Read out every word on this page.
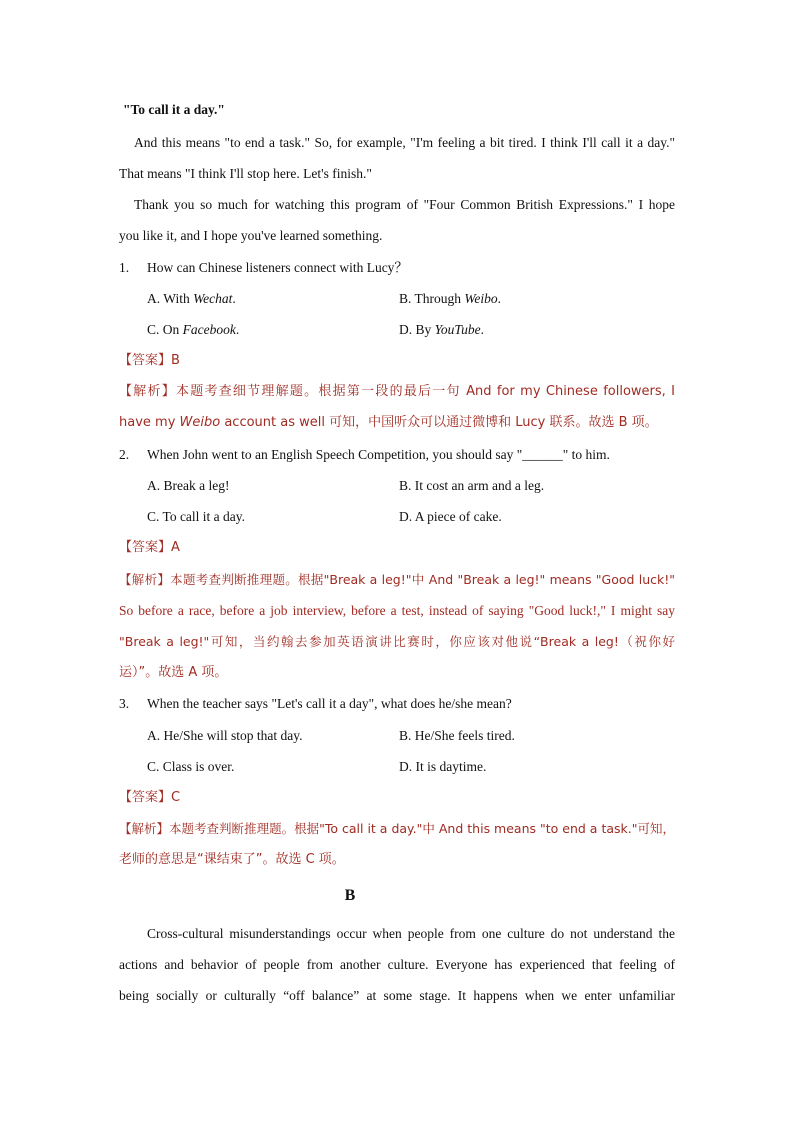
"To call it a day."
And this means "to end a task." So, for example, "I'm feeling a bit tired. I think I'll call it a day."
That means "I think I'll stop here. Let's finish."
Thank you so much for watching this program of "Four Common British Expressions." I hope
you like it, and I hope you've learned something.
1. How can Chinese listeners connect with Lucy？
A. With Wechat.	B. Through Weibo.
C. On Facebook.	D. By YouTube.
【答案】B
【解析】本题考查细节理解题。根据第一段的最后一句 And for my Chinese followers, I
have my Weibo account as well 可知，中国听众可以通过微博和 Lucy 联系。故选 B 项。
2. When John went to an English Speech Competition, you should say "______" to him.
A. Break a leg!	B. It cost an arm and a leg.
C. To call it a day.	D. A piece of cake.
【答案】A
【解析】本题考查判断推理题。根据"Break a leg!"中 And "Break a leg!" means "Good luck!"
So before a race, before a job interview, before a test, instead of saying "Good luck!," I might say
"Break a leg!"可知，当约翰去参加英语演讲比赛时，你应该对他说“Break a leg!（祝你好
运）”。故选 A 项。
3. When the teacher says "Let's call it a day", what does he/she mean?
A. He/She will stop that day.	B. He/She feels tired.
C. Class is over.	D. It is daytime.
【答案】C
【解析】本题考查判断推理题。根据"To call it a day."中 And this means "to end a task."可知，
老师的意思是“课结束了”。故选 C 项。
B
Cross-cultural misunderstandings occur when people from one culture do not understand the
actions and behavior of people from another culture. Everyone has experienced that feeling of
being socially or culturally “off balance” at some stage. It happens when we enter unfamiliar
